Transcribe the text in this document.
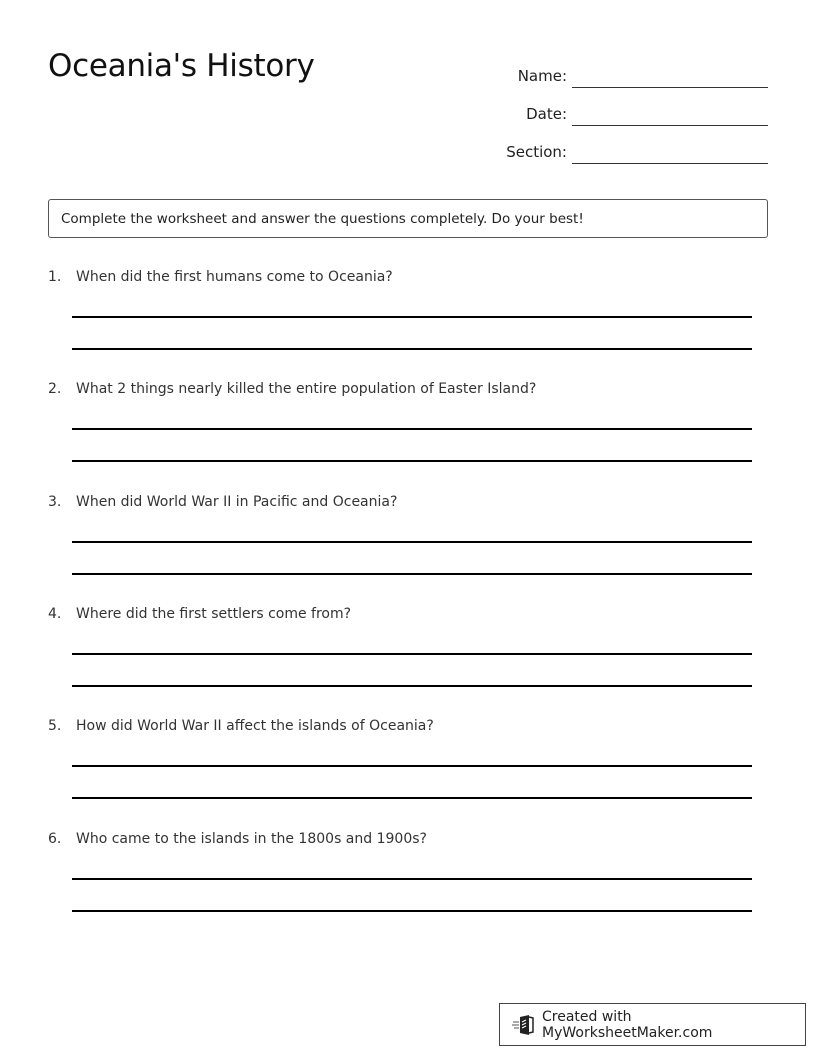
Oceania's History	Name:
Date:
Section:
Complete the worksheet and answer the questions completely. Do your best!
1.	When did the first humans come to Oceania?
2.	What 2 things nearly killed the entire population of Easter Island?
3.	When did World War II in Pacific and Oceania?
4.	Where did the first settlers come from?
5.	How did World War II affect the islands of Oceania?
6.	Who came to the islands in the 1800s and 1900s?
Created with MyWorksheetMaker.com
